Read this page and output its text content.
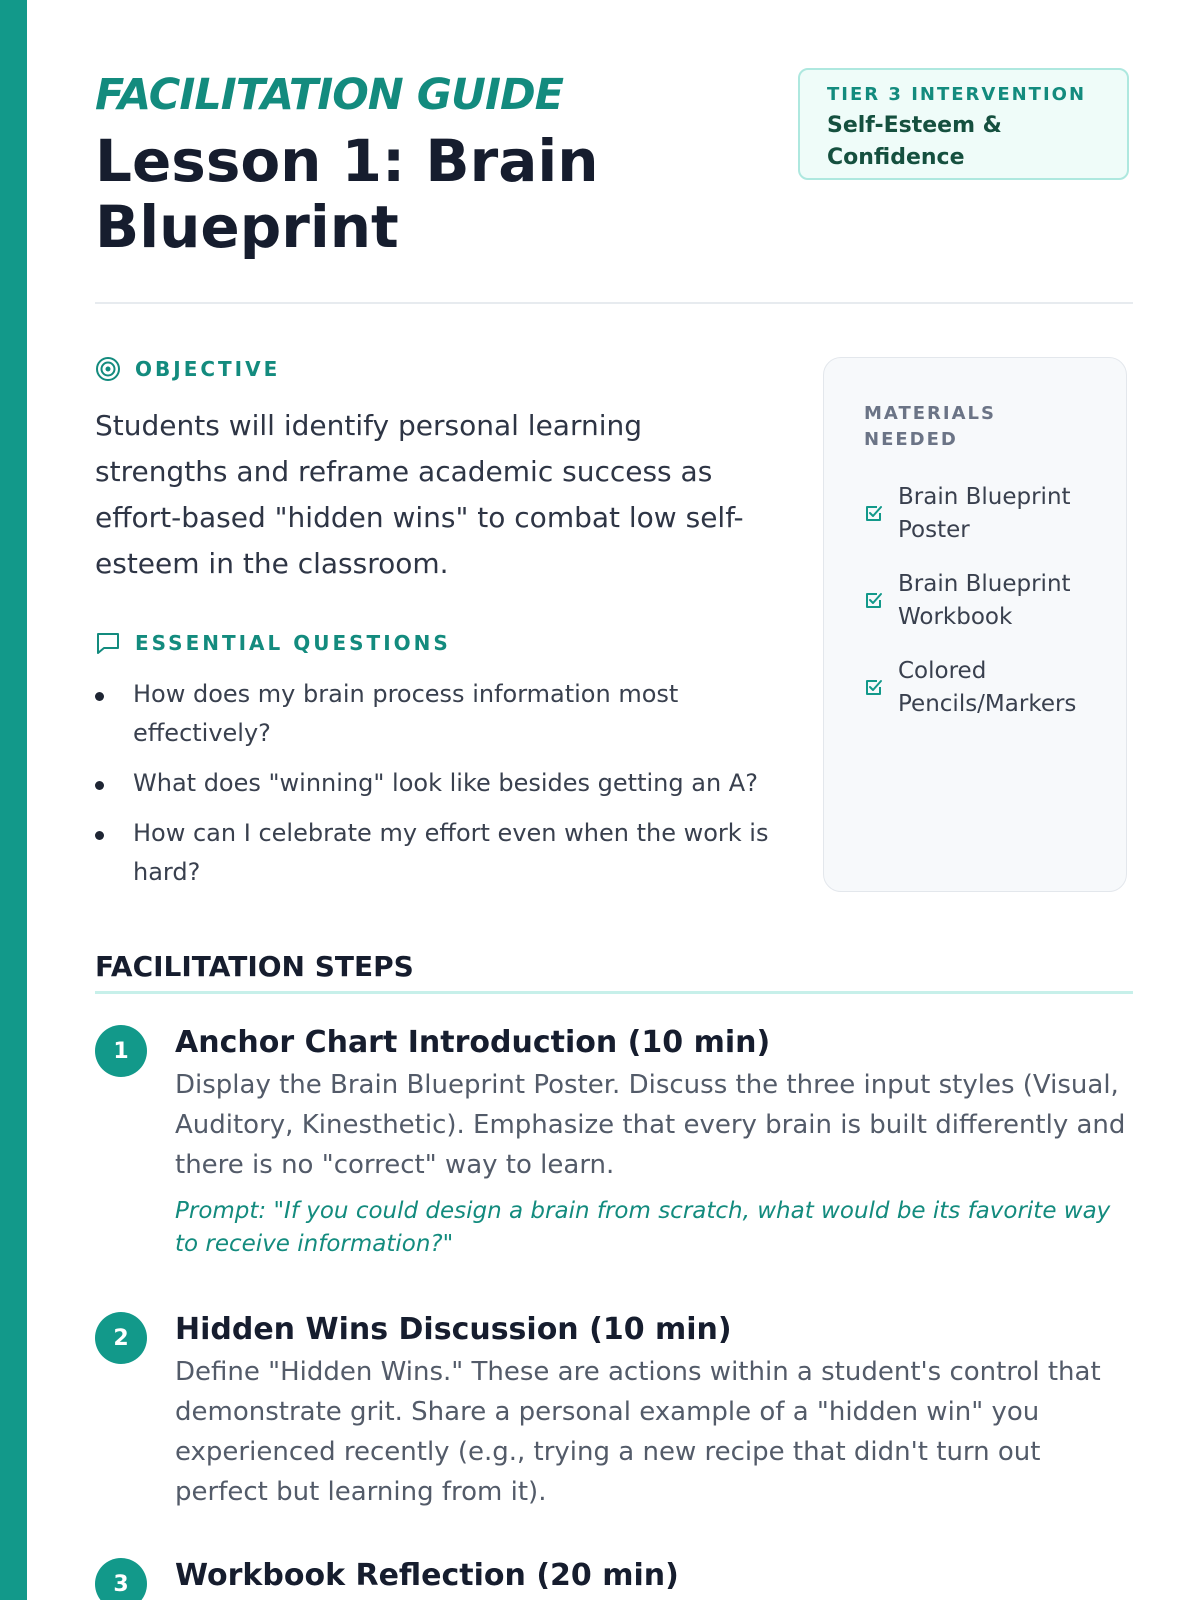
FACILITATION GUIDE
Lesson 1: Brain Blueprint
TIER 3 INTERVENTION
Self-Esteem & Confidence
OBJECTIVE

Students will identify personal learning strengths and reframe academic success as effort-based "hidden wins" to combat low self-esteem in the classroom.

ESSENTIAL QUESTIONS
How does my brain process information most effectively?
What does "winning" look like besides getting an A?
How can I celebrate my effort even when the work is hard?
MATERIALS NEEDED
Brain Blueprint Poster
Brain Blueprint Workbook
Colored Pencils/Markers
FACILITATION STEPS
1	Anchor Chart Introduction (10 min)

Display the Brain Blueprint Poster. Discuss the three input styles (Visual, Auditory, Kinesthetic). Emphasize that every brain is built differently and there is no "correct" way to learn.

Prompt: "If you could design a brain from scratch, what would be its favorite way to receive information?"

2	Hidden Wins Discussion (10 min)

Define "Hidden Wins." These are actions within a student's control that demonstrate grit. Share a personal example of a "hidden win" you experienced recently (e.g., trying a new recipe that didn't turn out perfect but learning from it).

3	Workbook Reflection (20 min)
